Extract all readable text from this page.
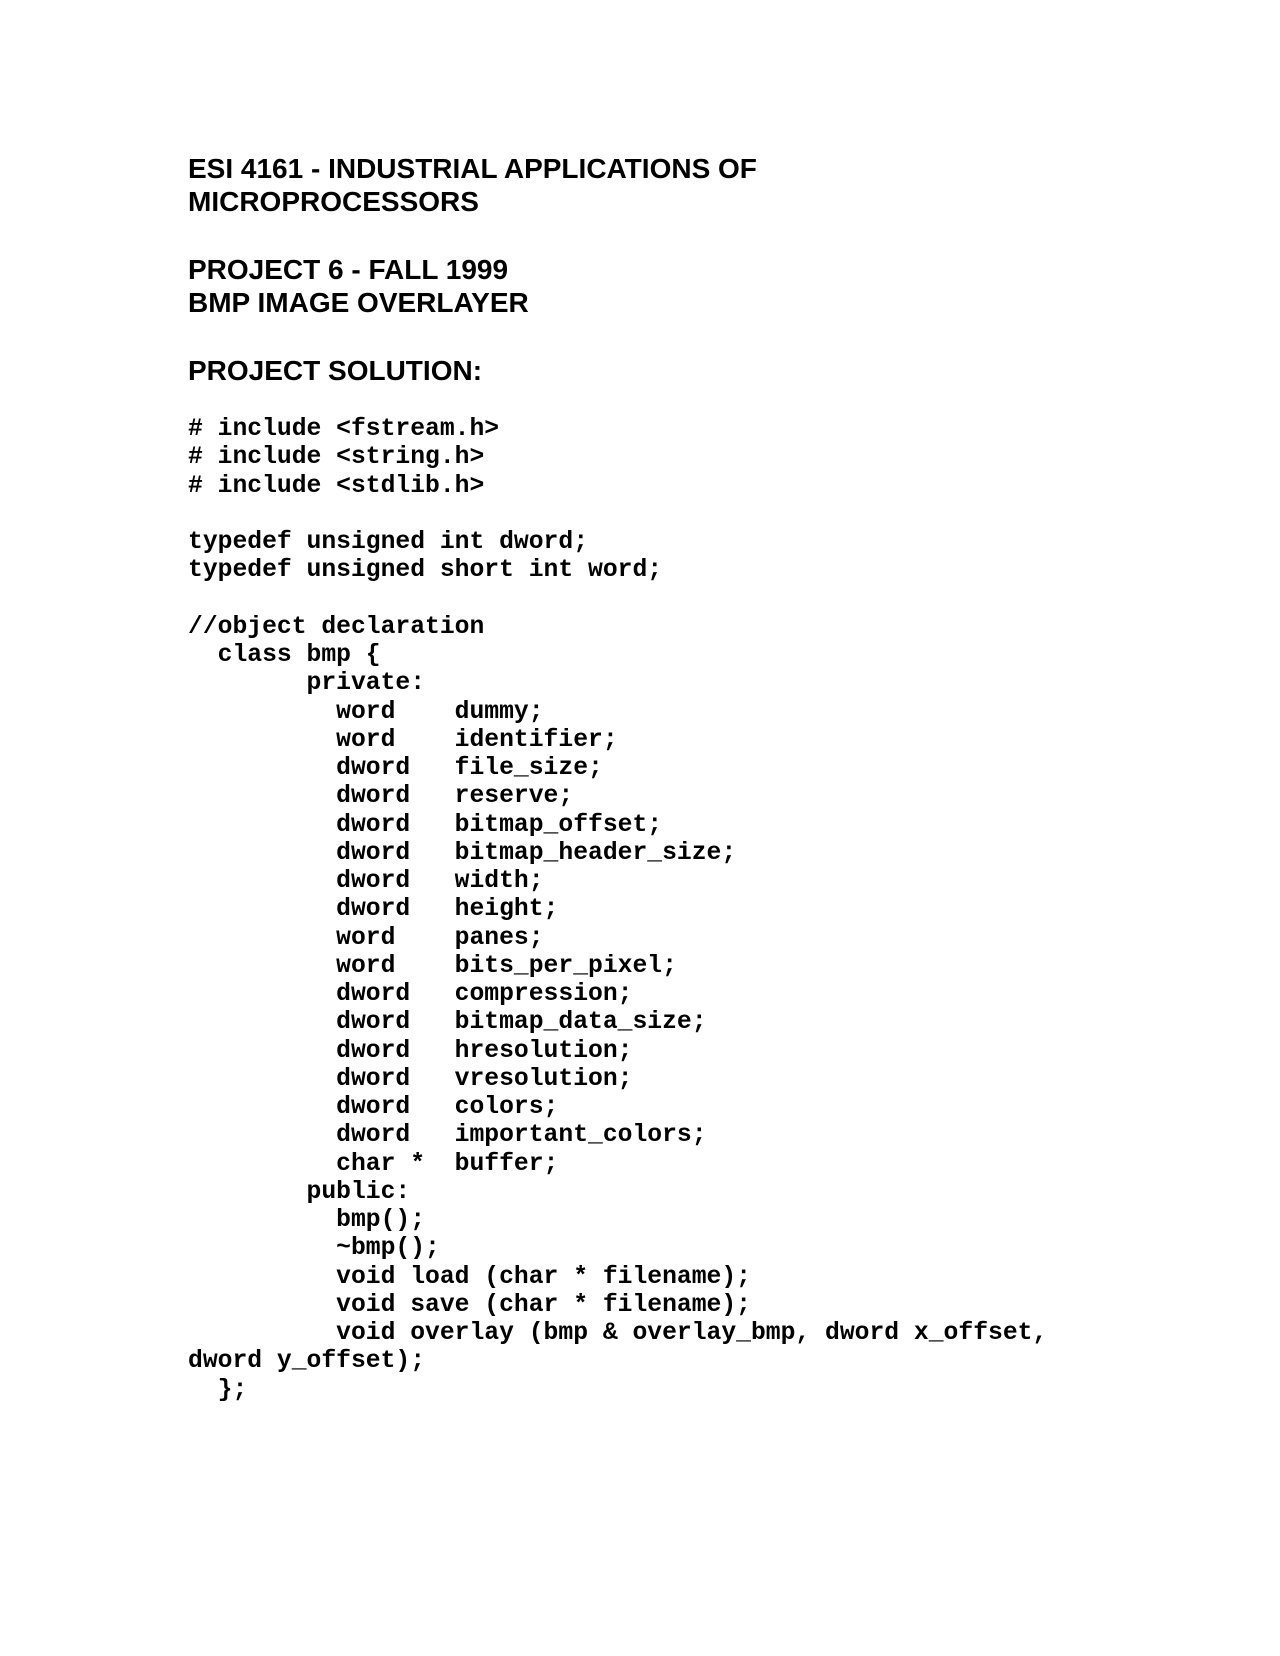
ESI 4161 - INDUSTRIAL APPLICATIONS OF
MICROPROCESSORS
PROJECT 6 - FALL 1999
BMP IMAGE OVERLAYER
PROJECT SOLUTION:
# include <fstream.h>
# include <string.h>
# include <stdlib.h>
typedef unsigned int dword;
typedef unsigned short int word;
//object declaration
class bmp {
private:
word    dummy;
word    identifier;
dword   file_size;
dword   reserve;
dword   bitmap_offset;
dword   bitmap_header_size;
dword   width;
dword   height;
word    panes;
word    bits_per_pixel;
dword   compression;
dword   bitmap_data_size;
dword   hresolution;
dword   vresolution;
dword   colors;
dword   important_colors;
char *  buffer;
public:
bmp();
~bmp();
void load (char * filename);
void save (char * filename);
void overlay (bmp & overlay_bmp, dword x_offset,
dword y_offset);
};
